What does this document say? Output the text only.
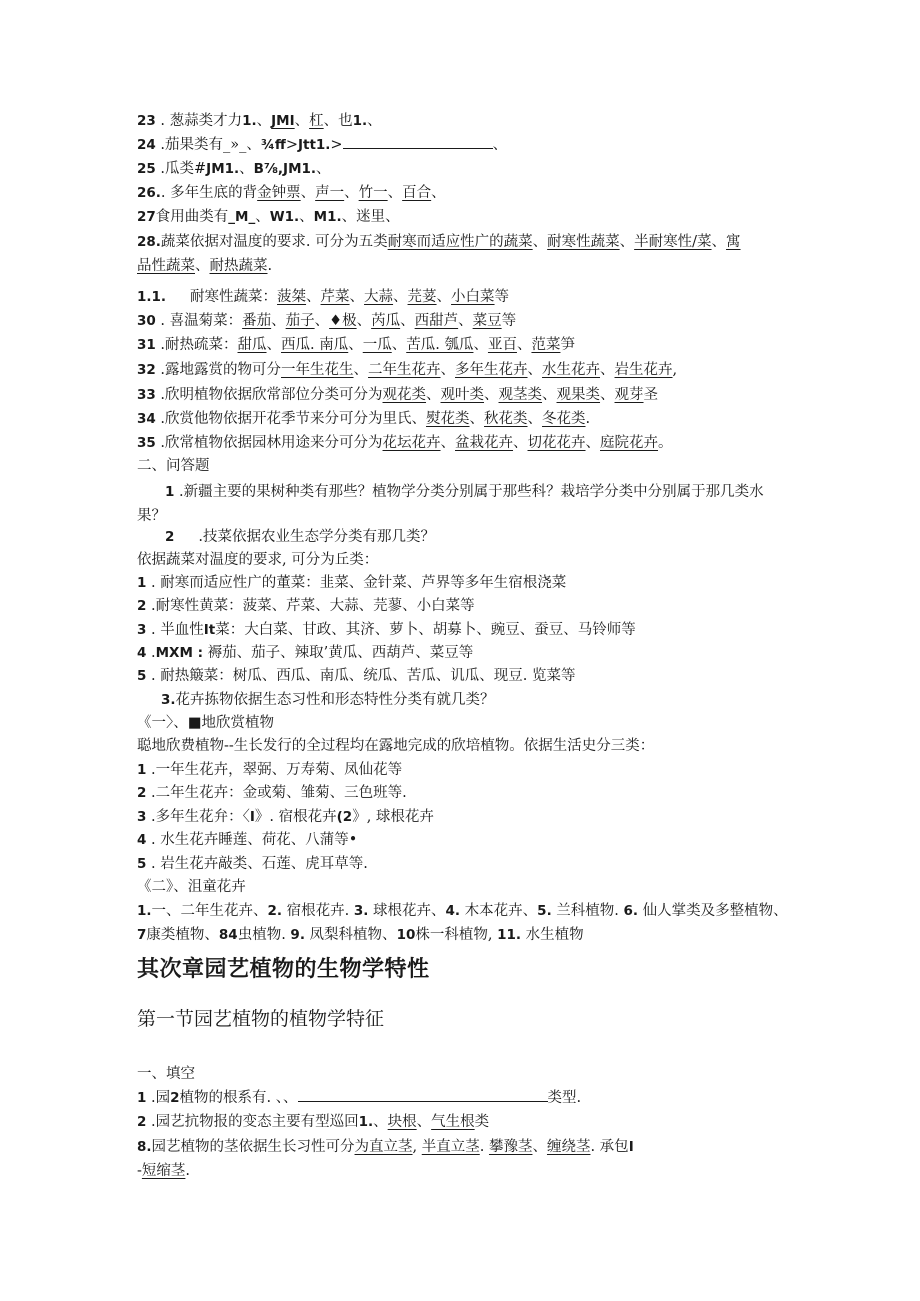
23 . 葱蒜类才力1.、JMI、杠、也1.、
24 .茄果类有_»_、¾ff>Jtt1.>	、
25 .瓜类#JM1.、B⅞,JM1.、
26.. 多年生底的背金钟票、声一、竹一、百合、
27食用曲类有_M_、W1.、M1.、迷里、
28.蔬菜依据对温度的要求. 可分为五类耐寒而适应性广的蔬菜、耐寒性蔬菜、半耐寒性/菜、寓
品性蔬菜、耐热蔬菜.
1.1. 耐寒性蔬菜：菠桀、芹菜、大蒜、芫荽、小白菜等
30 . 喜温菊菜：番茄、茄子、♦极、芮瓜、西甜芦、菜豆等
31 .耐热疏菜：甜瓜、西瓜. 南瓜、一瓜、苦瓜. 瓠瓜、亚百、范菜笋
32 .露地露赏的物可分一年生花生、二年生花卉、多年生花卉、水生花卉、岩生花卉,
33 .欣明植物依据欣常部位分类可分为观花类、观叶类、观茎类、观果类、观芽圣
34 .欣赏他物依据开花季节来分可分为里氏、熨花类、秋花类、冬花类.
35 .欣常植物依据园林用途来分可分为花坛花卉、盆栽花卉、切花花卉、庭院花卉。
二、问答题
1 .新疆主要的果树种类有那些？植物学分类分别属于那些科？栽培学分类中分别属于那几类水果？
2 .技菜依据农业生态学分类有那几类？
依据蔬菜对温度的要求, 可分为丘类：
1 . 耐寒而适应性广的董菜：韭菜、金针菜、芦界等多年生宿根浇菜
2 .耐寒性黄菜：菠菜、芹菜、大蒜、芫蓼、小白菜等
3 . 半血性It菜：大白菜、甘政、其济、萝卜、胡募卜、豌豆、蚕豆、马铃师等
4 .MXM : 褥茄、茄子、辣取’黄瓜、西葫芦、菜豆等
5 . 耐热簸菜：树瓜、西瓜、南瓜、统瓜、苦瓜、讥瓜、现豆. 览菜等
3.花卉拣物依据生态习性和形态特性分类有就几类？
《一〉、■地欣赏植物
聪地欣费植物--生长发行的全过程均在露地完成的欣培植物。依据生活史分三类：
1 .一年生花卉，翠弼、万寿菊、凤仙花等
2 .二年生花卉：金或菊、雏菊、三色班等.
3 .多年生花弁：〈I》. 宿根花卉(2》, 球根花卉
4 . 水生花卉睡莲、荷花、八蒲等•
5 . 岩生花卉敲类、石莲、虎耳草等.
《二》、沮童花卉
1.一、二年生花卉、2. 宿根花卉. 3. 球根花卉、4. 木本花卉、5. 兰科植物. 6. 仙人掌类及多整植物、7康类植物、84虫植物. 9. 凤梨科植物、10株一科植物, 11. 水生植物
其次章园艺植物的生物学特性
第一节园艺植物的植物学特征
一、填空
1 .园2植物的根系有. 、、	类型.
2 .园艺抗物报的变态主要有型巡回1.、块根、气生根类
8.园艺植物的茎依据生长习性可分为直立茎, 半直立茎. 攀豫茎、缠绕茎. 承包I
-短缩茎.
